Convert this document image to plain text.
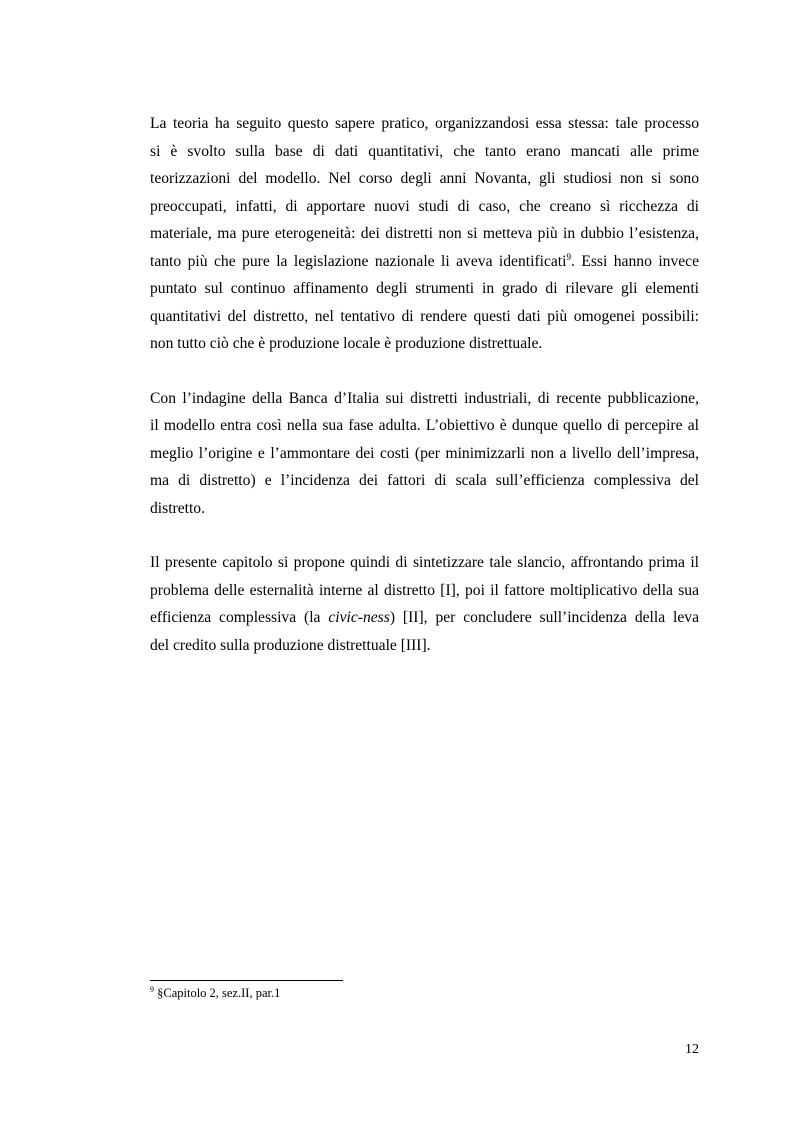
La teoria ha seguito questo sapere pratico, organizzandosi essa stessa: tale processo
si è svolto sulla base di dati quantitativi, che tanto erano mancati alle prime
teorizzazioni del modello. Nel corso degli anni Novanta, gli studiosi non si sono
preoccupati, infatti, di apportare nuovi studi di caso, che creano sì ricchezza di
materiale, ma pure eterogeneità: dei distretti non si metteva più in dubbio l’esistenza,
tanto più che pure la legislazione nazionale li aveva identificati$^9$. Essi hanno invece
puntato sul continuo affinamento degli strumenti in grado di rilevare gli elementi
quantitativi del distretto, nel tentativo di rendere questi dati più omogenei possibili:
non tutto ciò che è produzione locale è produzione distrettuale.

Con l’indagine della Banca d’Italia sui distretti industriali, di recente pubblicazione,
il modello entra così nella sua fase adulta. L’obiettivo è dunque quello di percepire al
meglio l’origine e l’ammontare dei costi (per minimizzarli non a livello dell’impresa,
ma di distretto) e l’incidenza dei fattori di scala sull’efficienza complessiva del
distretto.

Il presente capitolo si propone quindi di sintetizzare tale slancio, affrontando prima il
problema delle esternalità interne al distretto [I], poi il fattore moltiplicativo della sua
efficienza complessiva (la civic-ness) [II], per concludere sull’incidenza della leva
del credito sulla produzione distrettuale [III].

$^9$ §Capitolo 2, sez.II, par.1
12
